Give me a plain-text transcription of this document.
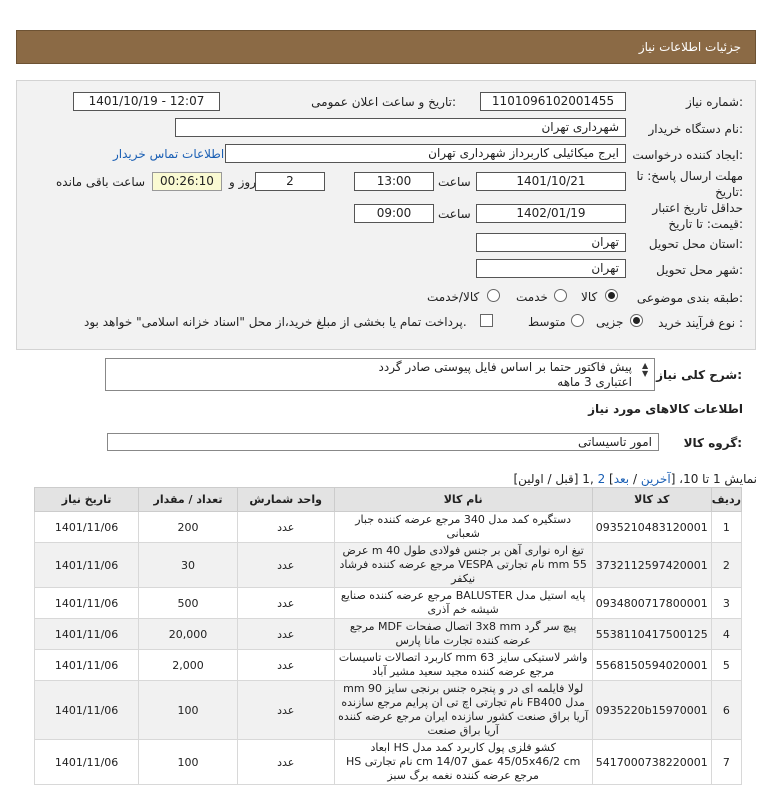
جزئیات اطلاعات نیاز
شماره نیاز:
1101096102001455
تاریخ و ساعت اعلان عمومی:
1401/10/19 - 12:07
نام دستگاه خریدار:
شهرداری تهران
ایجاد کننده درخواست:
ایرج میکائیلی کاربرداز شهرداری تهران
اطلاعات تماس خریدار
مهلت ارسال پاسخ: تا تاریخ:
1401/10/21
ساعت
13:00
2
روز و
00:26:10
ساعت باقی مانده
حداقل تاریخ اعتبار قیمت: تا تاریخ:
1402/01/19
ساعت
09:00
استان محل تحویل:
تهران
شهر محل تحویل:
تهران
طبقه بندی موضوعی:
کالا
خدمت
کالا/خدمت
نوع فرآیند خرید :
جزیی
متوسط
پرداخت تمام یا بخشی از مبلغ خرید،از محل "اسناد خزانه اسلامی" خواهد بود.
شرح کلی نیاز:
پیش فاکتور حتما بر اساس فایل پیوستی صادر گردد
اعتباری 3 ماهه
▲
▼
اطلاعات کالاهای مورد نیاز
گروه کالا:
امور تاسیساتی
نمایش 1 تا 10، [آخرین / بعد] 2 ,1 [قبل / اولین]
ردیف	کد کالا	نام کالا	واحد شمارش	تعداد / مقدار	تاریخ نیاز
1	0935210483120001	دستگیره کمد مدل 340 مرجع عرضه کننده جبار شعبانی	عدد	200	1401/11/06
2	3732112597420001	تیغ اره نواری آهن بر جنس فولادی طول 40 m عرض 55 mm نام تجارتی VESPA مرجع عرضه کننده فرشاد نیکفر	عدد	30	1401/11/06
3	0934800717800001	پایه استیل مدل BALUSTER مرجع عرضه کننده صنایع شیشه خم آذری	عدد	500	1401/11/06
4	5538110417500125	پیچ سر گرد 3x8 mm اتصال صفحات MDF مرجع عرضه کننده تجارت مانا پارس	عدد	20,000	1401/11/06
5	5568150594020001	واشر لاستیکی سایز 63 mm کاربرد اتصالات تاسیسات مرجع عرضه کننده مجید سعید مشیر آباد	عدد	2,000	1401/11/06
6	0935220b15970001	لولا فایلمه ای در و پنجره جنس برنجی سایز 90 mm مدل FB400 نام تجارتی اچ تی ان پرایم مرجع سازنده آریا براق صنعت کشور سازنده ایران مرجع عرضه کننده آریا براق صنعت	عدد	100	1401/11/06
7	5417000738220001	کشو فلزی پول کاربرد کمد مدل HS ابعاد 45/05x46/2 cm عمق 14/07 cm نام تجارتی HS مرجع عرضه کننده نغمه برگ سبز	عدد	100	1401/11/06
